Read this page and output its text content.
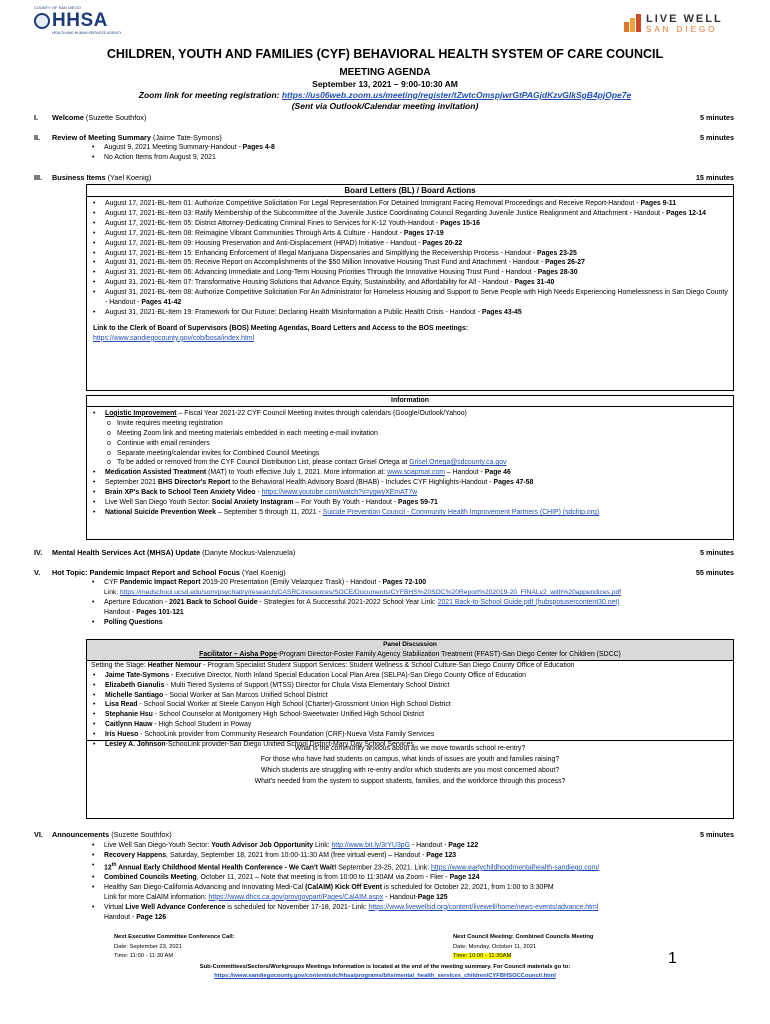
COUNTY OF SAN DIEGO
HHSA
HEALTH AND HUMAN SERVICES AGENCY
LIVE WELL
SAN DIEGO
CHILDREN, YOUTH AND FAMILIES (CYF) BEHAVIORAL HEALTH SYSTEM OF CARE COUNCIL
MEETING AGENDA
September 13, 2021 – 9:00-10:30 AM
Zoom link for meeting registration: https://us06web.zoom.us/meeting/register/tZwtcOmspjwrGtPAGjdKzvGlkSgB4pjOpe7e
(Sent via Outlook/Calendar meeting invitation)
I. Welcome (Suzette Southfox)	5 minutes
II. Review of Meeting Summary (Jaime Tate-Symons)	5 minutes
• August 9, 2021 Meeting Summary-Handout - Pages 4-8
• No Action Items from August 9, 2021
III. Business Items (Yael Koenig)	15 minutes
Board Letters (BL) / Board Actions
• August 17, 2021-BL-Item 01: Authorize Competitive Solicitation For Legal Representation For Detained Immigrant Facing Removal Proceedings and Receive Report-Handout - Pages 9-11
• August 17, 2021-BL-Item 03: Ratify Membership of the Subcommittee of the Juvenile Justice Coordinating Council Regarding Juvenile Justice Realignment and Attachment - Handout - Pages 12-14
• August 17, 2021-BL-Item 05: District Attorney-Dedicating Criminal Fines to Services for K-12 Youth-Handout - Pages 15-16
• August 17, 2021-BL-Item 08: Reimagine Vibrant Communities Through Arts & Culture - Handout - Pages 17-19
• August 17, 2021-BL-Item 09: Housing Preservation and Anti-Displacement (HPAD) Initiative - Handout - Pages 20-22
• August 17, 2021-BL-Item 15: Enhancing Enforcement of Illegal Marijuana Dispensaries and Simplifying the Receivership Process - Handout - Pages 23-25
• August 31, 2021-BL-Item 05: Receive Report on Accomplishments of the $50 Million Innovative Housing Trust Fund and Attachment - Handout - Pages 26-27
• August 31, 2021-BL-Item 06: Advancing Immediate and Long-Term Housing Priorities Through the Innovative Housing Trust Fund - Handout - Pages 28-30
• August 31, 2021-BL-Item 07: Transformative Housing Solutions that Advance Equity, Sustainability, and Affordability for All - Handout - Pages 31-40
• August 31, 2021-BL-Item 08: Authorize Competitive Solicitation For An Administrator for Homeless Housing and Support to Serve People with High Needs Experiencing Homelessness in San Diego County - Handout - Pages 41-42
• August 31, 2021-BL-Item 19: Framework for Our Future: Declaring Health Misinformation a Public Health Crisis - Handout - Pages 43-45
Link to the Clerk of Board of Supervisors (BOS) Meeting Agendas, Board Letters and Access to the BOS meetings:
https://www.sandiegocounty.gov/cob/bosa/index.html
Information
• Logistic Improvement – Fiscal Year 2021-22 CYF Council Meeting Invites through calendars (Google/Outlook/Yahoo)
o Invite requires meeting registration
o Meeting Zoom link and meeting materials embedded in each meeting e-mail invitation
o Continue with email reminders
o Separate meeting/calendar invites for Combined Council Meetings
o To be added or removed from the CYF Council Distribution List, please contact Grisel Ortega at Grisel.Ortega@sdcounty.ca.gov
• Medication Assisted Treatment (MAT) to Youth effective July 1, 2021. More information at: www.soapmat.com – Handout - Page 46
• September 2021 BHS Director's Report to the Behavioral Health Advisory Board (BHAB) - Includes CYF Highlights-Handout - Pages 47-58
• Brain XP's Back to School Teen Anxiety Video - https://www.youtube.com/watch?v=ygwyXEmAT7w
• Live Well San Diego Youth Sector: Social Anxiety Instagram – For Youth By Youth - Handout - Pages 59-71
• National Suicide Prevention Week – September 5 through 11, 2021 - Suicide Prevention Council - Community Health Improvement Partners (CHIP) (sdchip.org)
IV. Mental Health Services Act (MHSA) Update (Danyte Mockus-Valenzuela)	5 minutes
V. Hot Topic: Pandemic Impact Report and School Focus (Yael Koenig)	55 minutes
• CYF Pandemic Impact Report 2019-20 Presentation (Emily Velazquez Trask) - Handout - Pages 72-100
Link: https://medschool.ucsd.edu/som/psychiatry/research/CASRC/resources/SOCE/Documents/CYFBHS%20SOC%20Report%202019-20_FINALv2_with%20appendices.pdf
• Aperture Education - 2021 Back to School Guide - Strategies for A Successful 2021-2022 School Year Link: 2021 Back-to-School Guide.pdf (hubspotusercontent30.net)
Handout - Pages 101-121
• Polling Questions
Panel Discussion
Facilitator – Aisha Pope-Program Director-Foster Family Agency Stabilization Treatment (FFAST)-San Diego Center for Children (SDCC)
Setting the Stage: Heather Nemour - Program Specialist Student Support Services: Student Wellness & School Culture-San Diego County Office of Education
• Jaime Tate-Symons - Executive Director, North Inland Special Education Local Plan Area (SELPA)-San Diego County Office of Education
• Elizabeth Gianulis - Multi Tiered Systems of Support (MTSS) Director for Chula Vista Elementary School District
• Michelle Santiago - Social Worker at San Marcos Unified School District
• Lisa Read - School Social Worker at Steele Canyon High School (Charter)-Grossmont Union High School District
• Stephanie Hsu - School Counselor at Montgomery High School-Sweetwater Unified High School District
• Caitlynn Hauw - High School Student in Poway
• Iris Hueso - SchooLink provider from Community Research Foundation (CRF)-Nueva Vista Family Services
• Lesley A. Johnson-SchooLink provider-San Diego Unified School District-Mary Day School Services
What is the community anxious about as we move towards school re-entry?
For those who have had students on campus, what kinds of issues are youth and families raising?
Which students are struggling with re-entry and/or which students are you most concerned about?
What's needed from the system to support students, families, and the workforce through this process?
VI. Announcements (Suzette Southfox)	5 minutes
• Live Well San Diego-Youth Sector: Youth Advisor Job Opportunity Link: http://www.bit.ly/3rYU3pG - Handout - Page 122
• Recovery Happens, Saturday, September 18, 2021 from 10:00-11:30 AM (free virtual event) – Handout - Page 123
• 12th Annual Early Childhood Mental Health Conference - We Can't Wait! September 23-25, 2021. Link: https://www.earlychildhoodmentalhealth-sandiego.com/
• Combined Councils Meeting, October 11, 2021 – Note that meeting is from 10:00 to 11:30AM via Zoom - Flier - Page 124
• Healthy San Diego-California Advancing and Innovating Medi-Cal (CalAIM) Kick Off Event is scheduled for October 22, 2021, from 1:00 to 3:30PM
Link for more CalAIM information: https://www.dhcs.ca.gov/provgovpart/Pages/CalAIM.aspx - Handout-Page 125
• Virtual Live Well Advance Conference is scheduled for November 17-18, 2021- Link: https://www.livewellsd.org/content/livewell/home/news-events/advance.html
Handout - Page 126
Next Executive Committee Conference Call:
Date: September 23, 2021
Time: 11:00 - 11:30 AM
Next Council Meeting: Combined Councils Meeting
Date: Monday, October 11, 2021
Time: 10:00 - 11:30AM
Sub-Committees/Sectors/Workgroups Meetings Information is located at the end of the meeting summary. For Council materials go to:
https://www.sandiegocounty.gov/content/sdc/hhsa/programs/bhs/mental_health_services_children/CYFBHSOCCouncil.html
1
